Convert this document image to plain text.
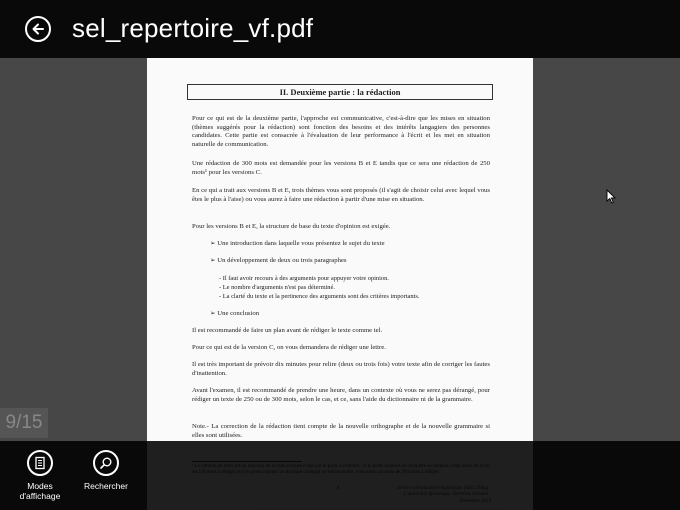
II. Deuxième partie : la rédaction
Pour ce qui est de la deuxième partie, l'approche est communicative, c'est-à-dire que les mises en situation (thèmes suggérés pour la rédaction) sont fonction des besoins et des intérêts langagiers des personnes candidates. Cette partie est consacrée à l'évaluation de leur performance à l'écrit et les met en situation naturelle de communication.
Une rédaction de 300 mots est demandée pour les versions B et E tandis que ce sera une rédaction de 250 mots¹ pour les versions C.
En ce qui a trait aux versions B et E, trois thèmes vous sont proposés (il s'agit de choisir celui avec lequel vous êtes le plus à l'aise) ou vous aurez à faire une rédaction à partir d'une mise en situation.
Pour les versions B et E, la structure de base du texte d'opinion est exigée.
➢ Une introduction dans laquelle vous présentez le sujet du texte
➢ Un développement de deux ou trois paragraphes
- Il faut avoir recours à des arguments pour appuyer votre opinion.
- Le nombre d'arguments n'est pas déterminé.
- La clarté du texte et la pertinence des arguments sont des critères importants.
➢ Une conclusion
Il est recommandé de faire un plan avant de rédiger le texte comme tel.
Pour ce qui est de la version C, on vous demandera de rédiger une lettre.
Il est très important de prévoir dix minutes pour relire (deux ou trois fois) votre texte afin de corriger les fautes d'inattention.
Avant l'examen, il est recommandé de prendre une heure, dans un contexte où vous ne serez pas dérangé, pour rédiger un texte de 250 ou de 300 mots, selon le cas, et ce, sans l'aide du dictionnaire ni de la grammaire.
Note.- La correction de la rédaction tient compte de la nouvelle orthographe et de la nouvelle grammaire si elles sont utilisées.
sel_repertoire_vf.pdf
9/15
Modes
d'affichage
Rechercher
